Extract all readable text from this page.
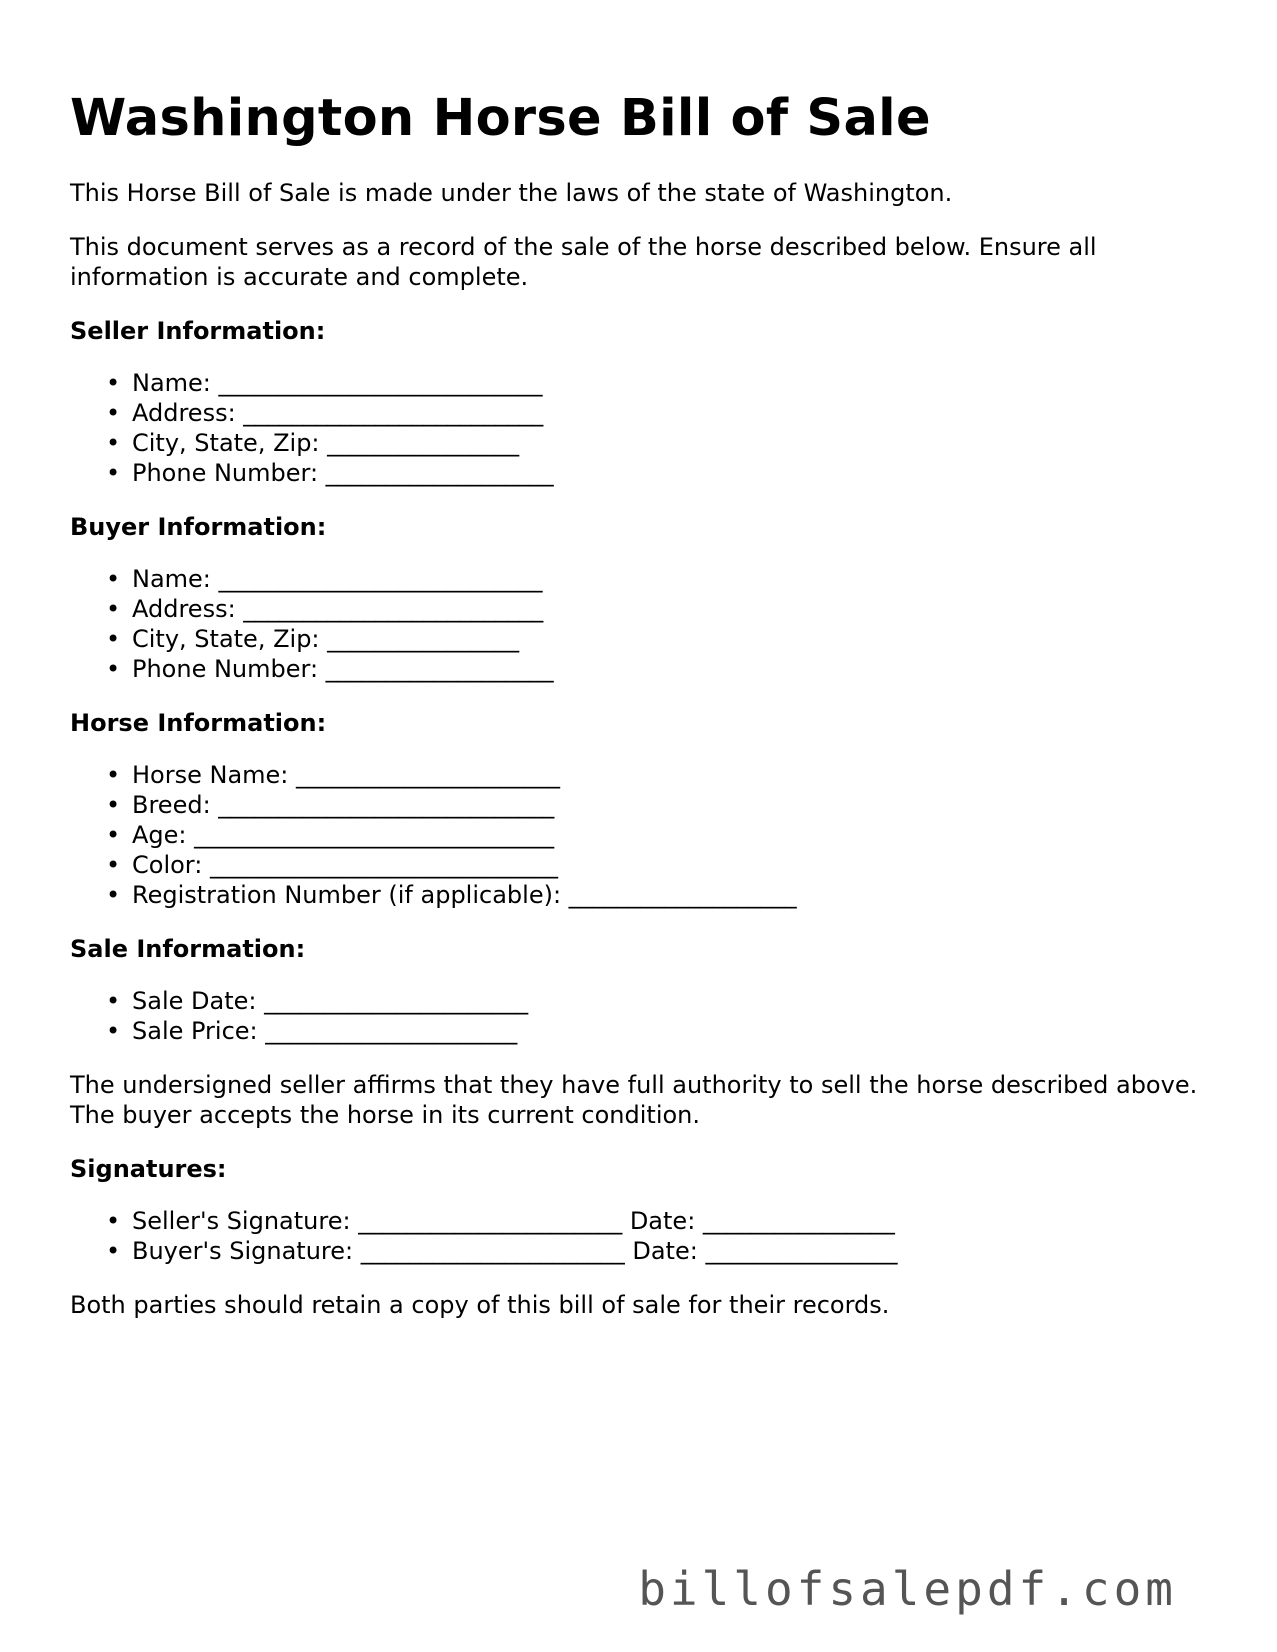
Washington Horse Bill of Sale

This Horse Bill of Sale is made under the laws of the state of Washington.

This document serves as a record of the sale of the horse described below. Ensure all information is accurate and complete.

Seller Information:
• Name: ___________________________
• Address: _________________________
• City, State, Zip: ________________
• Phone Number: ___________________
Buyer Information:
• Name: ___________________________
• Address: _________________________
• City, State, Zip: ________________
• Phone Number: ___________________
Horse Information:
• Horse Name: ______________________
• Breed: ____________________________
• Age: ______________________________
• Color: _____________________________
• Registration Number (if applicable): ___________________
Sale Information:
• Sale Date: ______________________
• Sale Price: _____________________

The undersigned seller affirms that they have full authority to sell the horse described above. The buyer accepts the horse in its current condition.

Signatures:
• Seller's Signature: ______________________ Date: ________________
• Buyer's Signature: ______________________ Date: ________________

Both parties should retain a copy of this bill of sale for their records.

billofsalepdf.com
